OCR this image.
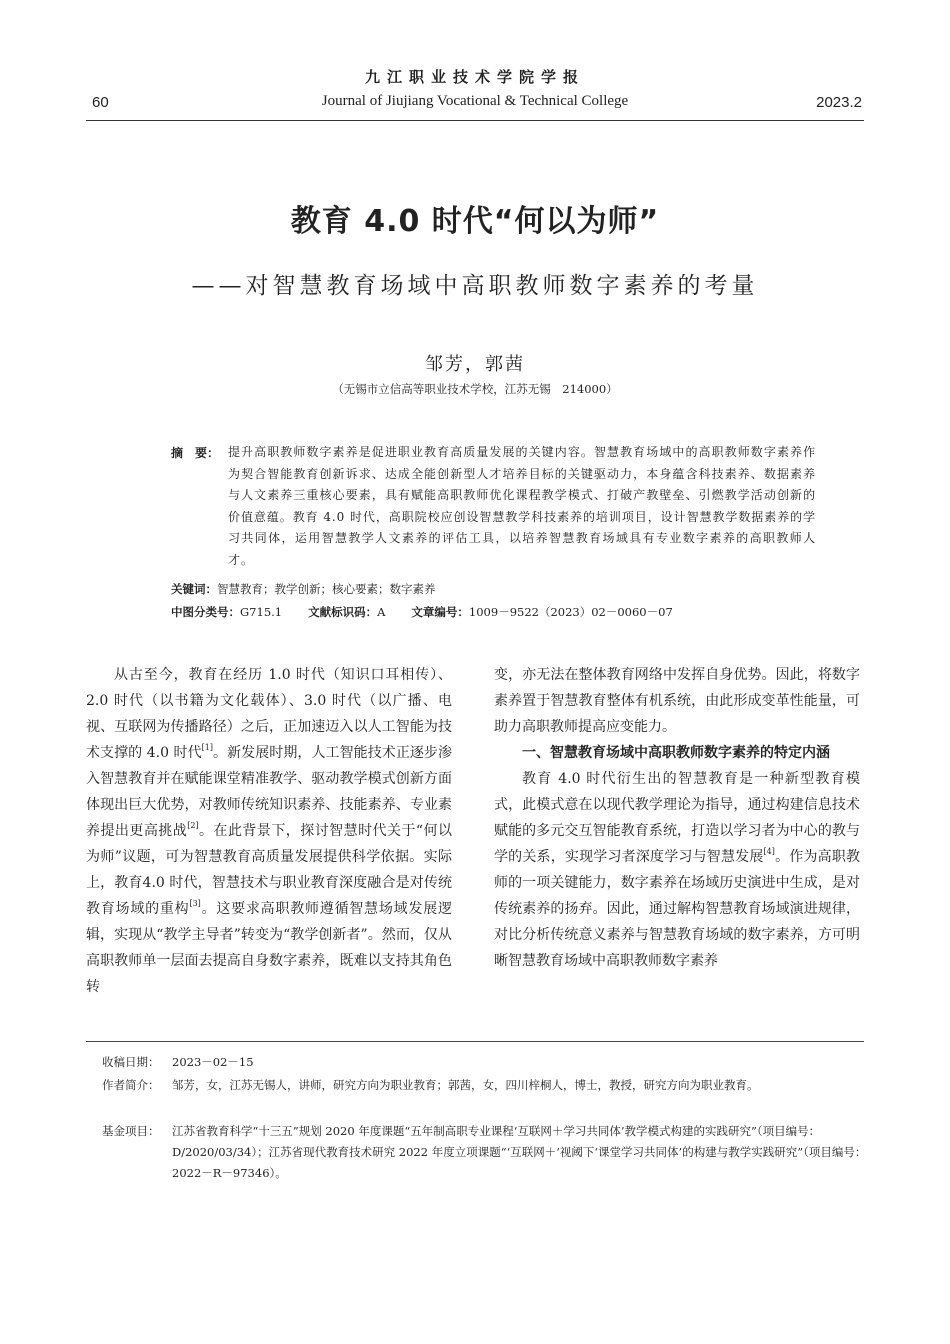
九江职业技术学院学报
60	Journal of Jiujiang Vocational & Technical College	2023.2
教育 4.0 时代“何以为师”
——对智慧教育场域中高职教师数字素养的考量
邹芳，郭茜
（无锡市立信高等职业技术学校，江苏无锡　214000）
摘　要： 提升高职教师数字素养是促进职业教育高质量发展的关键内容。智慧教育场域中的高职教师数字素养作为契合智能教育创新诉求、达成全能创新型人才培养目标的关键驱动力，本身蕴含科技素养、数据素养与人文素养三重核心要素，具有赋能高职教师优化课程教学模式、打破产教壁垒、引燃教学活动创新的价值意蕴。教育 4.0 时代，高职院校应创设智慧教学科技素养的培训项目，设计智慧教学数据素养的学习共同体，运用智慧教学人文素养的评估工具，以培养智慧教育场域具有专业数字素养的高职教师人才。
关键词：智慧教育；教学创新；核心要素；数字素养
中图分类号：G715.1 文献标识码：A 文章编号：1009－9522（2023）02－0060－07

从古至今，教育在经历 1.0 时代（知识口耳相传）、2.0 时代（以书籍为文化载体）、3.0 时代（以广播、电视、互联网为传播路径）之后，正加速迈入以人工智能为技术支撑的 4.0 时代[1]。新发展时期，人工智能技术正逐步渗入智慧教育并在赋能课堂精准教学、驱动教学模式创新方面体现出巨大优势，对教师传统知识素养、技能素养、专业素养提出更高挑战[2]。在此背景下，探讨智慧时代关于“何以为师”议题，可为智慧教育高质量发展提供科学依据。实际上，教育4.0 时代，智慧技术与职业教育深度融合是对传统教育场域的重构[3]。这要求高职教师遵循智慧场域发展逻辑，实现从“教学主导者”转变为“教学创新者”。然而，仅从高职教师单一层面去提高自身数字素养，既难以支持其角色转

变，亦无法在整体教育网络中发挥自身优势。因此，将数字素养置于智慧教育整体有机系统，由此形成变革性能量，可助力高职教师提高应变能力。

一、智慧教育场域中高职教师数字素养的特定内涵

教育 4.0 时代衍生出的智慧教育是一种新型教育模式，此模式意在以现代教学理论为指导，通过构建信息技术赋能的多元交互智能教育系统，打造以学习者为中心的教与学的关系，实现学习者深度学习与智慧发展[4]。作为高职教师的一项关键能力，数字素养在场域历史演进中生成，是对传统素养的扬弃。因此，通过解构智慧教育场域演进规律，对比分析传统意义素养与智慧教育场域的数字素养，方可明晰智慧教育场域中高职教师数字素养

收稿日期： 2023－02－15
作者简介： 邹芳，女，江苏无锡人，讲师，研究方向为职业教育；郭茜，女，四川梓桐人，博士，教授，研究方向为职业教育。
基金项目： 江苏省教育科学“十三五”规划 2020 年度课题“五年制高职专业课程‘互联网＋学习共同体’教学模式构建的实践研究”（项目编号：D/2020/03/34）；江苏省现代教育技术研究 2022 年度立项课题“‘互联网＋’视阈下‘课堂学习共同体’的构建与教学实践研究”（项目编号：2022－R－97346）。
